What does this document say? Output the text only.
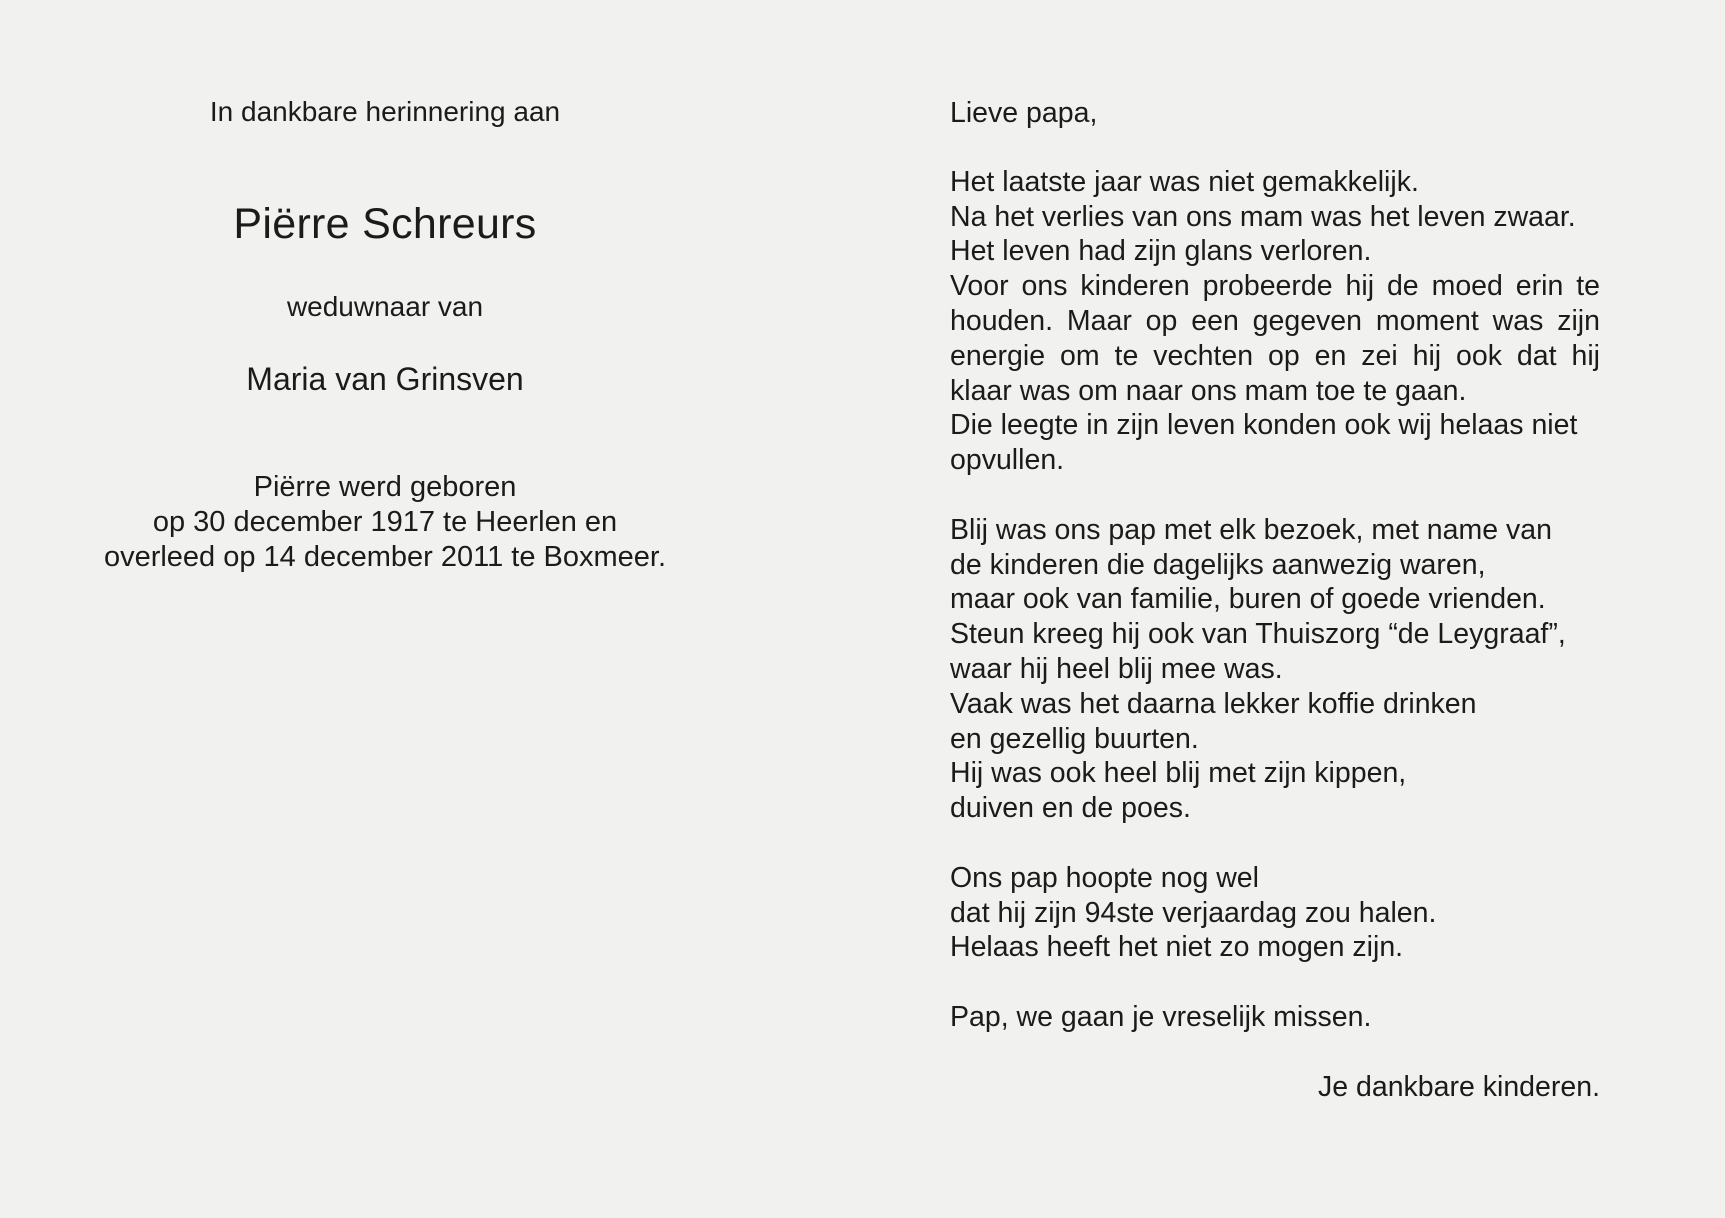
In dankbare herinnering aan
Piërre Schreurs
weduwnaar van
Maria van Grinsven
Piërre werd geboren
op 30 december 1917 te Heerlen en
overleed op 14 december 2011 te Boxmeer.
Lieve papa,
Het laatste jaar was niet gemakkelijk.
Na het verlies van ons mam was het leven zwaar.
Het leven had zijn glans verloren.
Voor ons kinderen probeerde hij de moed erin te
houden. Maar op een gegeven moment was zijn
energie om te vechten op en zei hij ook dat hij
klaar was om naar ons mam toe te gaan.
Die leegte in zijn leven konden ook wij helaas niet
opvullen.
Blij was ons pap met elk bezoek, met name van
de kinderen die dagelijks aanwezig waren,
maar ook van familie, buren of goede vrienden.
Steun kreeg hij ook van Thuiszorg “de Leygraaf”,
waar hij heel blij mee was.
Vaak was het daarna lekker koffie drinken
en gezellig buurten.
Hij was ook heel blij met zijn kippen,
duiven en de poes.
Ons pap hoopte nog wel
dat hij zijn 94ste verjaardag zou halen.
Helaas heeft het niet zo mogen zijn.
Pap, we gaan je vreselijk missen.
Je dankbare kinderen.
